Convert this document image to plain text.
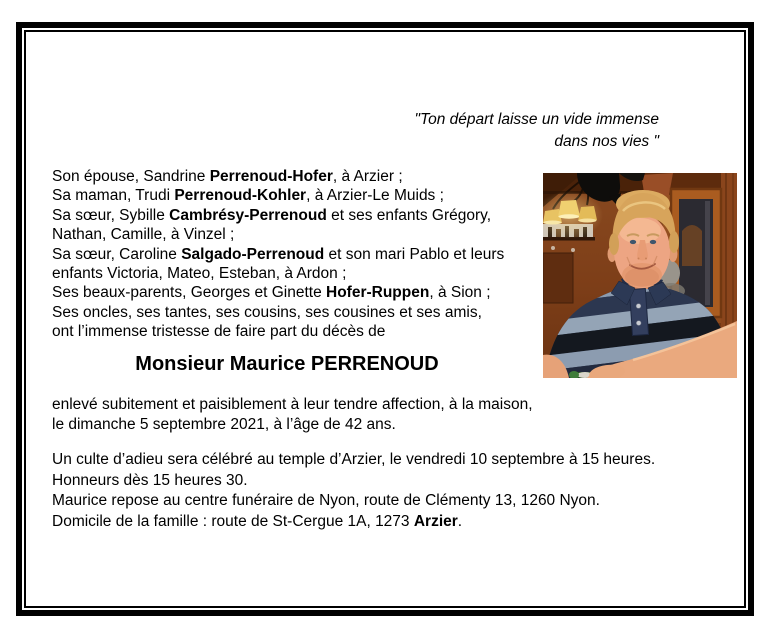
"Ton départ laisse un vide immense
dans nos vies "
Son épouse, Sandrine Perrenoud-Hofer, à Arzier ;
Sa maman, Trudi Perrenoud-Kohler, à Arzier-Le Muids ;
Sa sœur, Sybille Cambrésy-Perrenoud et ses enfants Grégory,
Nathan, Camille, à Vinzel ;
Sa sœur, Caroline Salgado-Perrenoud et son mari Pablo et leurs
enfants Victoria, Mateo, Esteban, à Ardon ;
Ses beaux-parents, Georges et Ginette Hofer-Ruppen, à Sion ;
Ses oncles, ses tantes, ses cousins, ses cousines et ses amis,
ont l’immense tristesse de faire part du décès de
Monsieur Maurice PERRENOUD
enlevé subitement et paisiblement à leur tendre affection, à la maison,
le dimanche 5 septembre 2021, à l’âge de 42 ans.
Un culte d’adieu sera célébré au temple d’Arzier, le vendredi 10 septembre à 15 heures.
Honneurs dès 15 heures 30.
Maurice repose au centre funéraire de Nyon, route de Clémenty 13, 1260 Nyon.
Domicile de la famille : route de St-Cergue 1A, 1273 Arzier.
